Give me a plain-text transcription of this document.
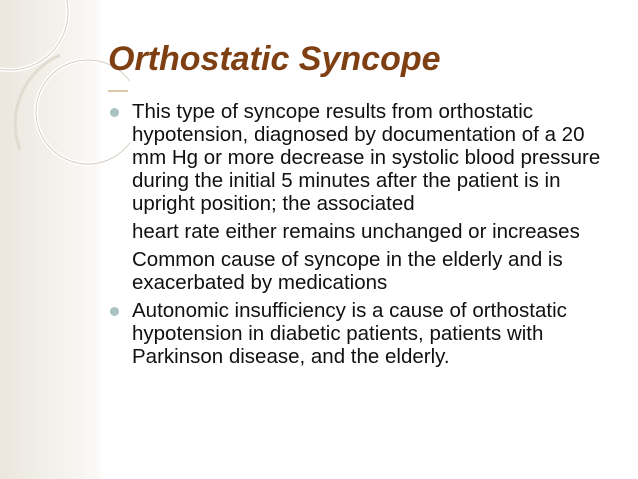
Orthostatic Syncope

This type of syncope results from orthostatic hypotension, diagnosed by documentation of a 20 mm Hg or more decrease in systolic blood pressure during the initial 5 minutes after the patient is in upright position; the associated

heart rate either remains unchanged or increases

Common cause of syncope in the elderly and is exacerbated by medications

Autonomic insufficiency is a cause of orthostatic hypotension in diabetic patients, patients with Parkinson disease, and the elderly.
